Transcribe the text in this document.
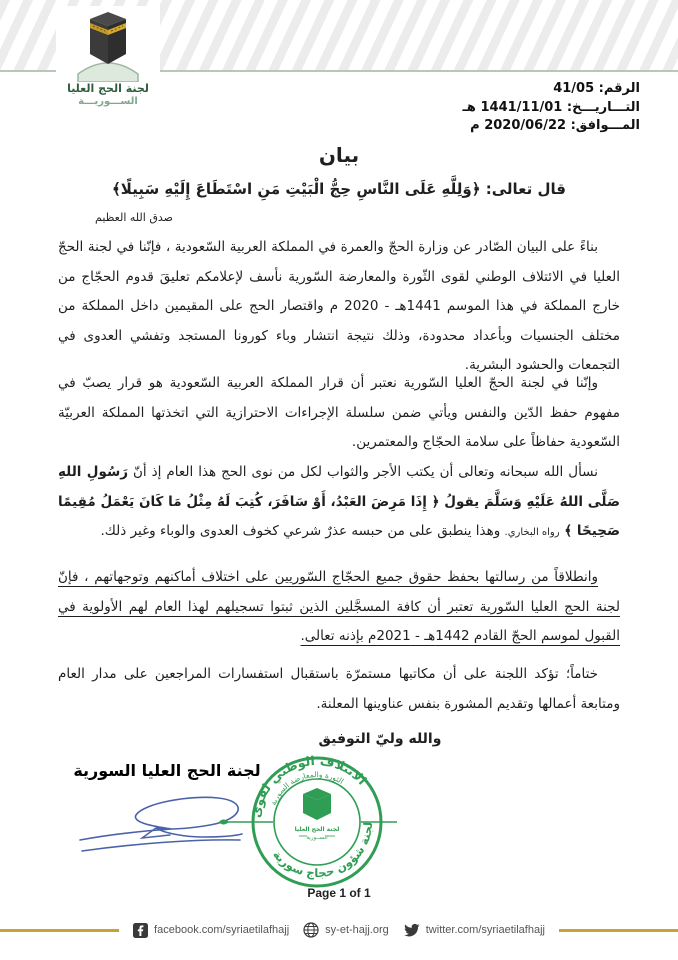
لجنة الحج العليا
الســـوريـــة
الرقم: 41/05
التـــاريـــخ: 1441/11/01 هـ
المـــوافق: 2020/06/22 م
بيان
قال تعالى: ﴿وَلِلَّهِ عَلَى النَّاسِ حِجُّ الْبَيْتِ مَنِ اسْتَطَاعَ إِلَيْهِ سَبِيلًا﴾
صدق الله العظيم
بناءً على البيان الصّادر عن وزارة الحجّ والعمرة في المملكة العربية السّعودية ، فإنّنا في لجنة الحجّ العليا في الائتلاف الوطني لقوى الثّورة والمعارضة السّورية نأسف لإعلامكم تعليقَ قدوم الحجّاج من خارج المملكة في هذا الموسم 1441هـ - 2020 م واقتصار الحج على المقيمين داخل المملكة من مختلف الجنسيات وبأعداد محدودة، وذلك نتيجة انتشار وباء كورونا المستجد وتفشي العدوى في التجمعات والحشود البشرية.
وإنّنا في لجنة الحجّ العليا السّورية نعتبر أن قرار المملكة العربية السّعودية هو قرار يصبّ في مفهوم حفظ الدّين والنفس ويأتي ضمن سلسلة الإجراءات الاحترازية التي اتخذتها المملكة العربيّة السّعودية حفاظاً على سلامة الحجّاج والمعتمرين.
نسأل الله سبحانه وتعالى أن يكتب الأجر والثواب لكل من نوى الحج هذا العام إذ أنّ رَسُولِ اللهِ صَلَّى اللهُ عَلَيْهِ وَسَلَّمَ يقولُ ﴿ إِذَا مَرِضَ العَبْدُ، أَوْ سَافَرَ، كُتِبَ لَهُ مِثْلُ مَا كَانَ يَعْمَلُ مُقِيمًا صَحِيحًا ﴾ رواه البخاري. وهذا ينطبق على من حبسه عذرٌ شرعي كخوف العدوى والوباء وغير ذلك.
وانطلاقاً من رسالتها بحفظ حقوق جميع الحجّاج السّوريين على اختلاف أماكنهم وتوجهاتهم ، فإنّ لجنة الحج العليا السّورية تعتبر أن كافة المسجَّلين الذين ثبتوا تسجيلهم لهذا العام لهم الأولوية في القبول لموسم الحجّ القادم 1442هـ - 2021م بإذنه تعالى.
ختاماً؛ تؤكد اللجنة على أن مكاتبها مستمرّة باستقبال استفسارات المراجعين على مدار العام ومتابعة أعمالها وتقديم المشورة بنفس عناوينها المعلنة.
والله وليّ التوفيق
لجنة الحج العليا السورية
الائتلاف الوطني لقوى
الثورة والمعارضة السورية
لجنة شؤون حجاج سورية
لجنة الحج العليا
الســورية
Page 1 of 1
facebook.com/syriaetilafhajj	sy-et-hajj.org	twitter.com/syriaetilafhajj
